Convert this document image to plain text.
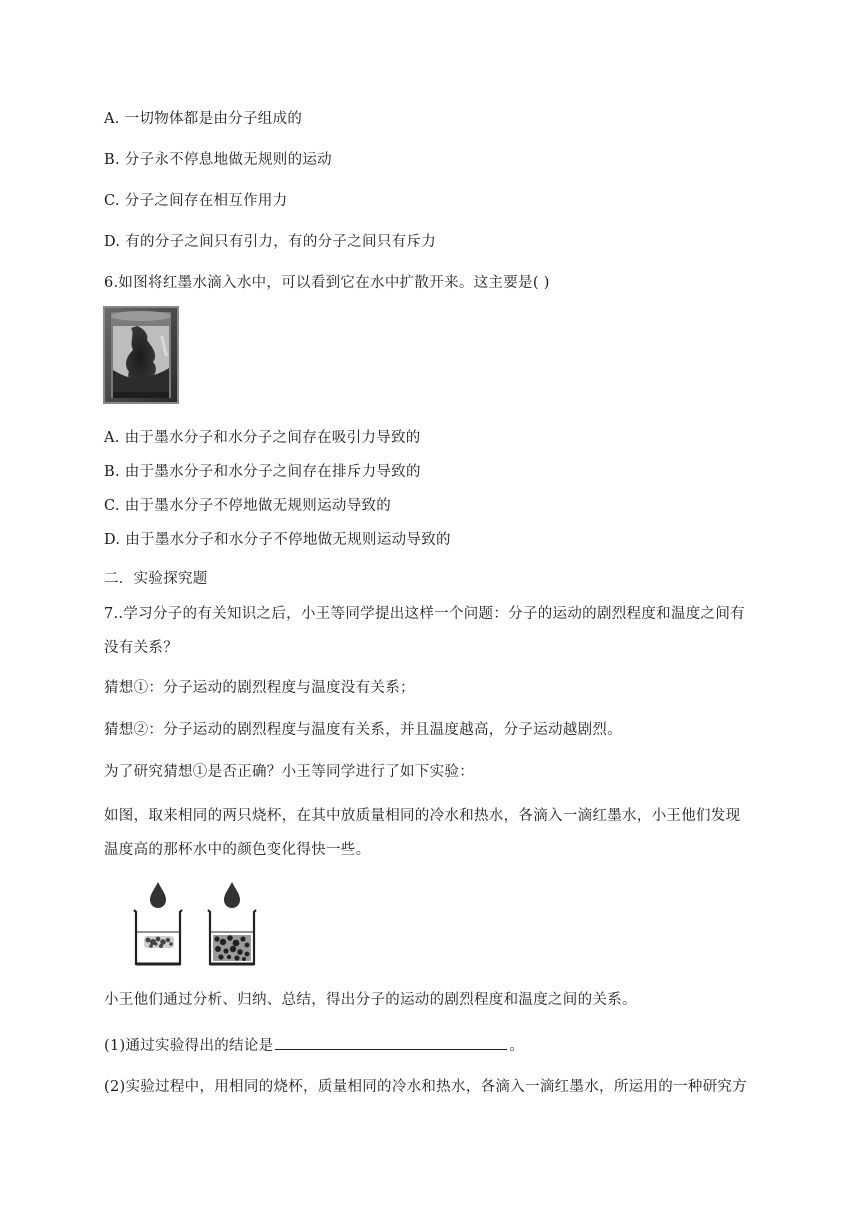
A. 一切物体都是由分子组成的
B. 分子永不停息地做无规则的运动
C. 分子之间存在相互作用力
D. 有的分子之间只有引力，有的分子之间只有斥力
6.如图将红墨水滴入水中，可以看到它在水中扩散开来。这主要是( )
A. 由于墨水分子和水分子之间存在吸引力导致的
B. 由于墨水分子和水分子之间存在排斥力导致的
C. 由于墨水分子不停地做无规则运动导致的
D. 由于墨水分子和水分子不停地做无规则运动导致的
二．实验探究题
7..学习分子的有关知识之后，小王等同学提出这样一个问题：分子的运动的剧烈程度和温度之间有
没有关系？
猜想①：分子运动的剧烈程度与温度没有关系；
猜想②：分子运动的剧烈程度与温度有关系，并且温度越高，分子运动越剧烈。
为了研究猜想①是否正确？小王等同学进行了如下实验：
如图，取来相同的两只烧杯，在其中放质量相同的冷水和热水，各滴入一滴红墨水，小王他们发现
温度高的那杯水中的颜色变化得快一些。
小王他们通过分析、归纳、总结，得出分子的运动的剧烈程度和温度之间的关系。
(1)通过实验得出的结论是	。
(2)实验过程中，用相同的烧杯，质量相同的冷水和热水，各滴入一滴红墨水，所运用的一种研究方
